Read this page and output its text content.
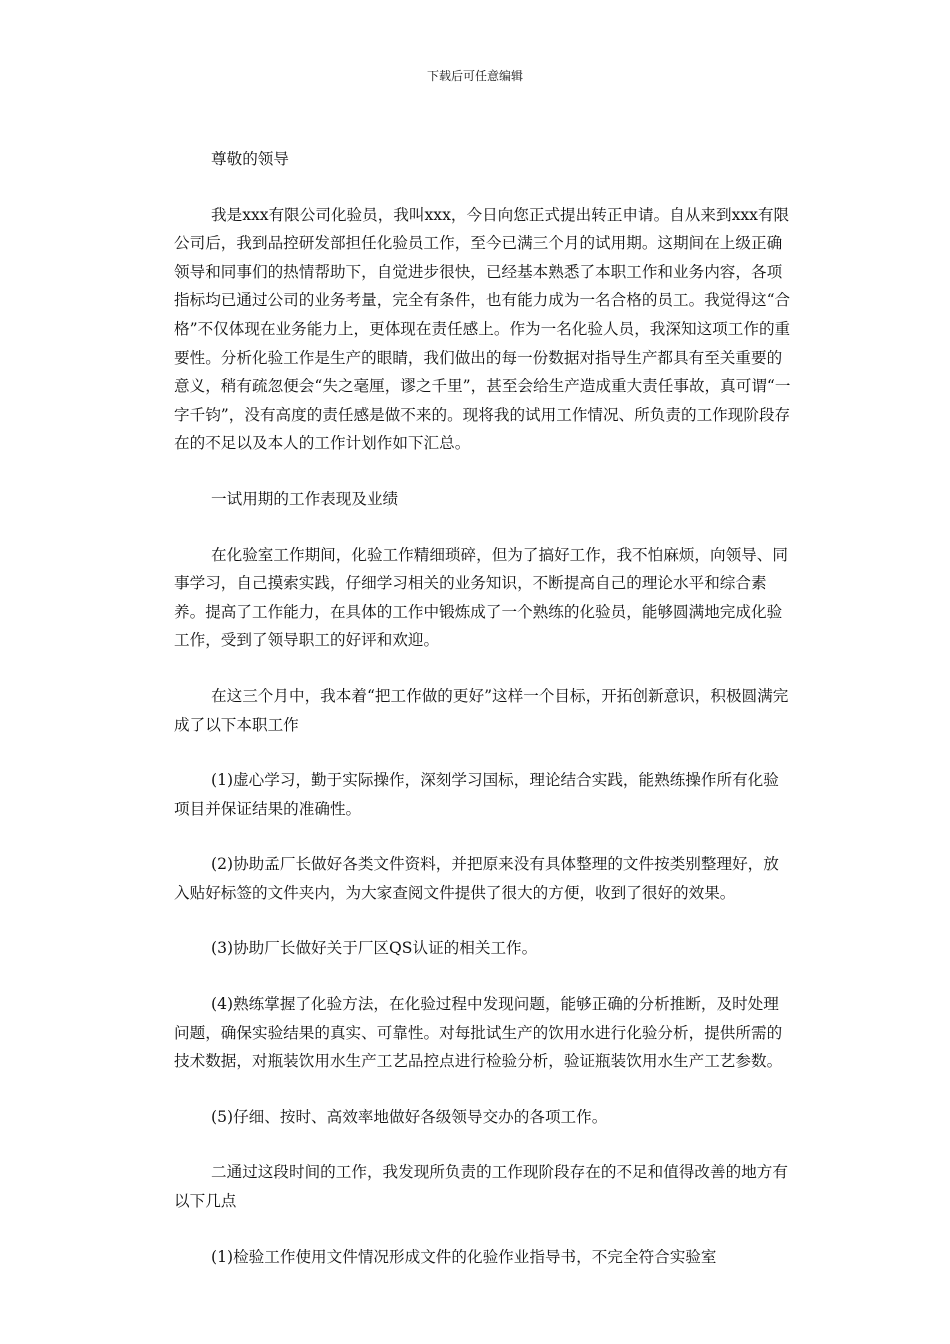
下载后可任意编辑

尊敬的领导

我是xxx有限公司化验员，我叫xxx，今日向您正式提出转正申请。自从来到xxx有限公司后，我到品控研发部担任化验员工作，至今已满三个月的试用期。这期间在上级正确领导和同事们的热情帮助下，自觉进步很快，已经基本熟悉了本职工作和业务内容，各项指标均已通过公司的业务考量，完全有条件，也有能力成为一名合格的员工。我觉得这“合格”不仅体现在业务能力上，更体现在责任感上。作为一名化验人员，我深知这项工作的重要性。分析化验工作是生产的眼睛，我们做出的每一份数据对指导生产都具有至关重要的意义，稍有疏忽便会“失之毫厘，谬之千里”，甚至会给生产造成重大责任事故，真可谓“一字千钧”，没有高度的责任感是做不来的。现将我的试用工作情况、所负责的工作现阶段存在的不足以及本人的工作计划作如下汇总。

一试用期的工作表现及业绩

在化验室工作期间，化验工作精细琐碎，但为了搞好工作，我不怕麻烦，向领导、同事学习，自己摸索实践，仔细学习相关的业务知识，不断提高自己的理论水平和综合素养。提高了工作能力，在具体的工作中锻炼成了一个熟练的化验员，能够圆满地完成化验工作，受到了领导职工的好评和欢迎。

在这三个月中，我本着“把工作做的更好”这样一个目标，开拓创新意识，积极圆满完成了以下本职工作

(1)虚心学习，勤于实际操作，深刻学习国标，理论结合实践，能熟练操作所有化验项目并保证结果的准确性。

(2)协助孟厂长做好各类文件资料，并把原来没有具体整理的文件按类别整理好，放入贴好标签的文件夹内，为大家查阅文件提供了很大的方便，收到了很好的效果。

(3)协助厂长做好关于厂区QS认证的相关工作。

(4)熟练掌握了化验方法，在化验过程中发现问题，能够正确的分析推断，及时处理问题，确保实验结果的真实、可靠性。对每批试生产的饮用水进行化验分析，提供所需的技术数据，对瓶装饮用水生产工艺品控点进行检验分析，验证瓶装饮用水生产工艺参数。

(5)仔细、按时、高效率地做好各级领导交办的各项工作。

二通过这段时间的工作，我发现所负责的工作现阶段存在的不足和值得改善的地方有以下几点

(1)检验工作使用文件情况形成文件的化验作业指导书，不完全符合实验室
